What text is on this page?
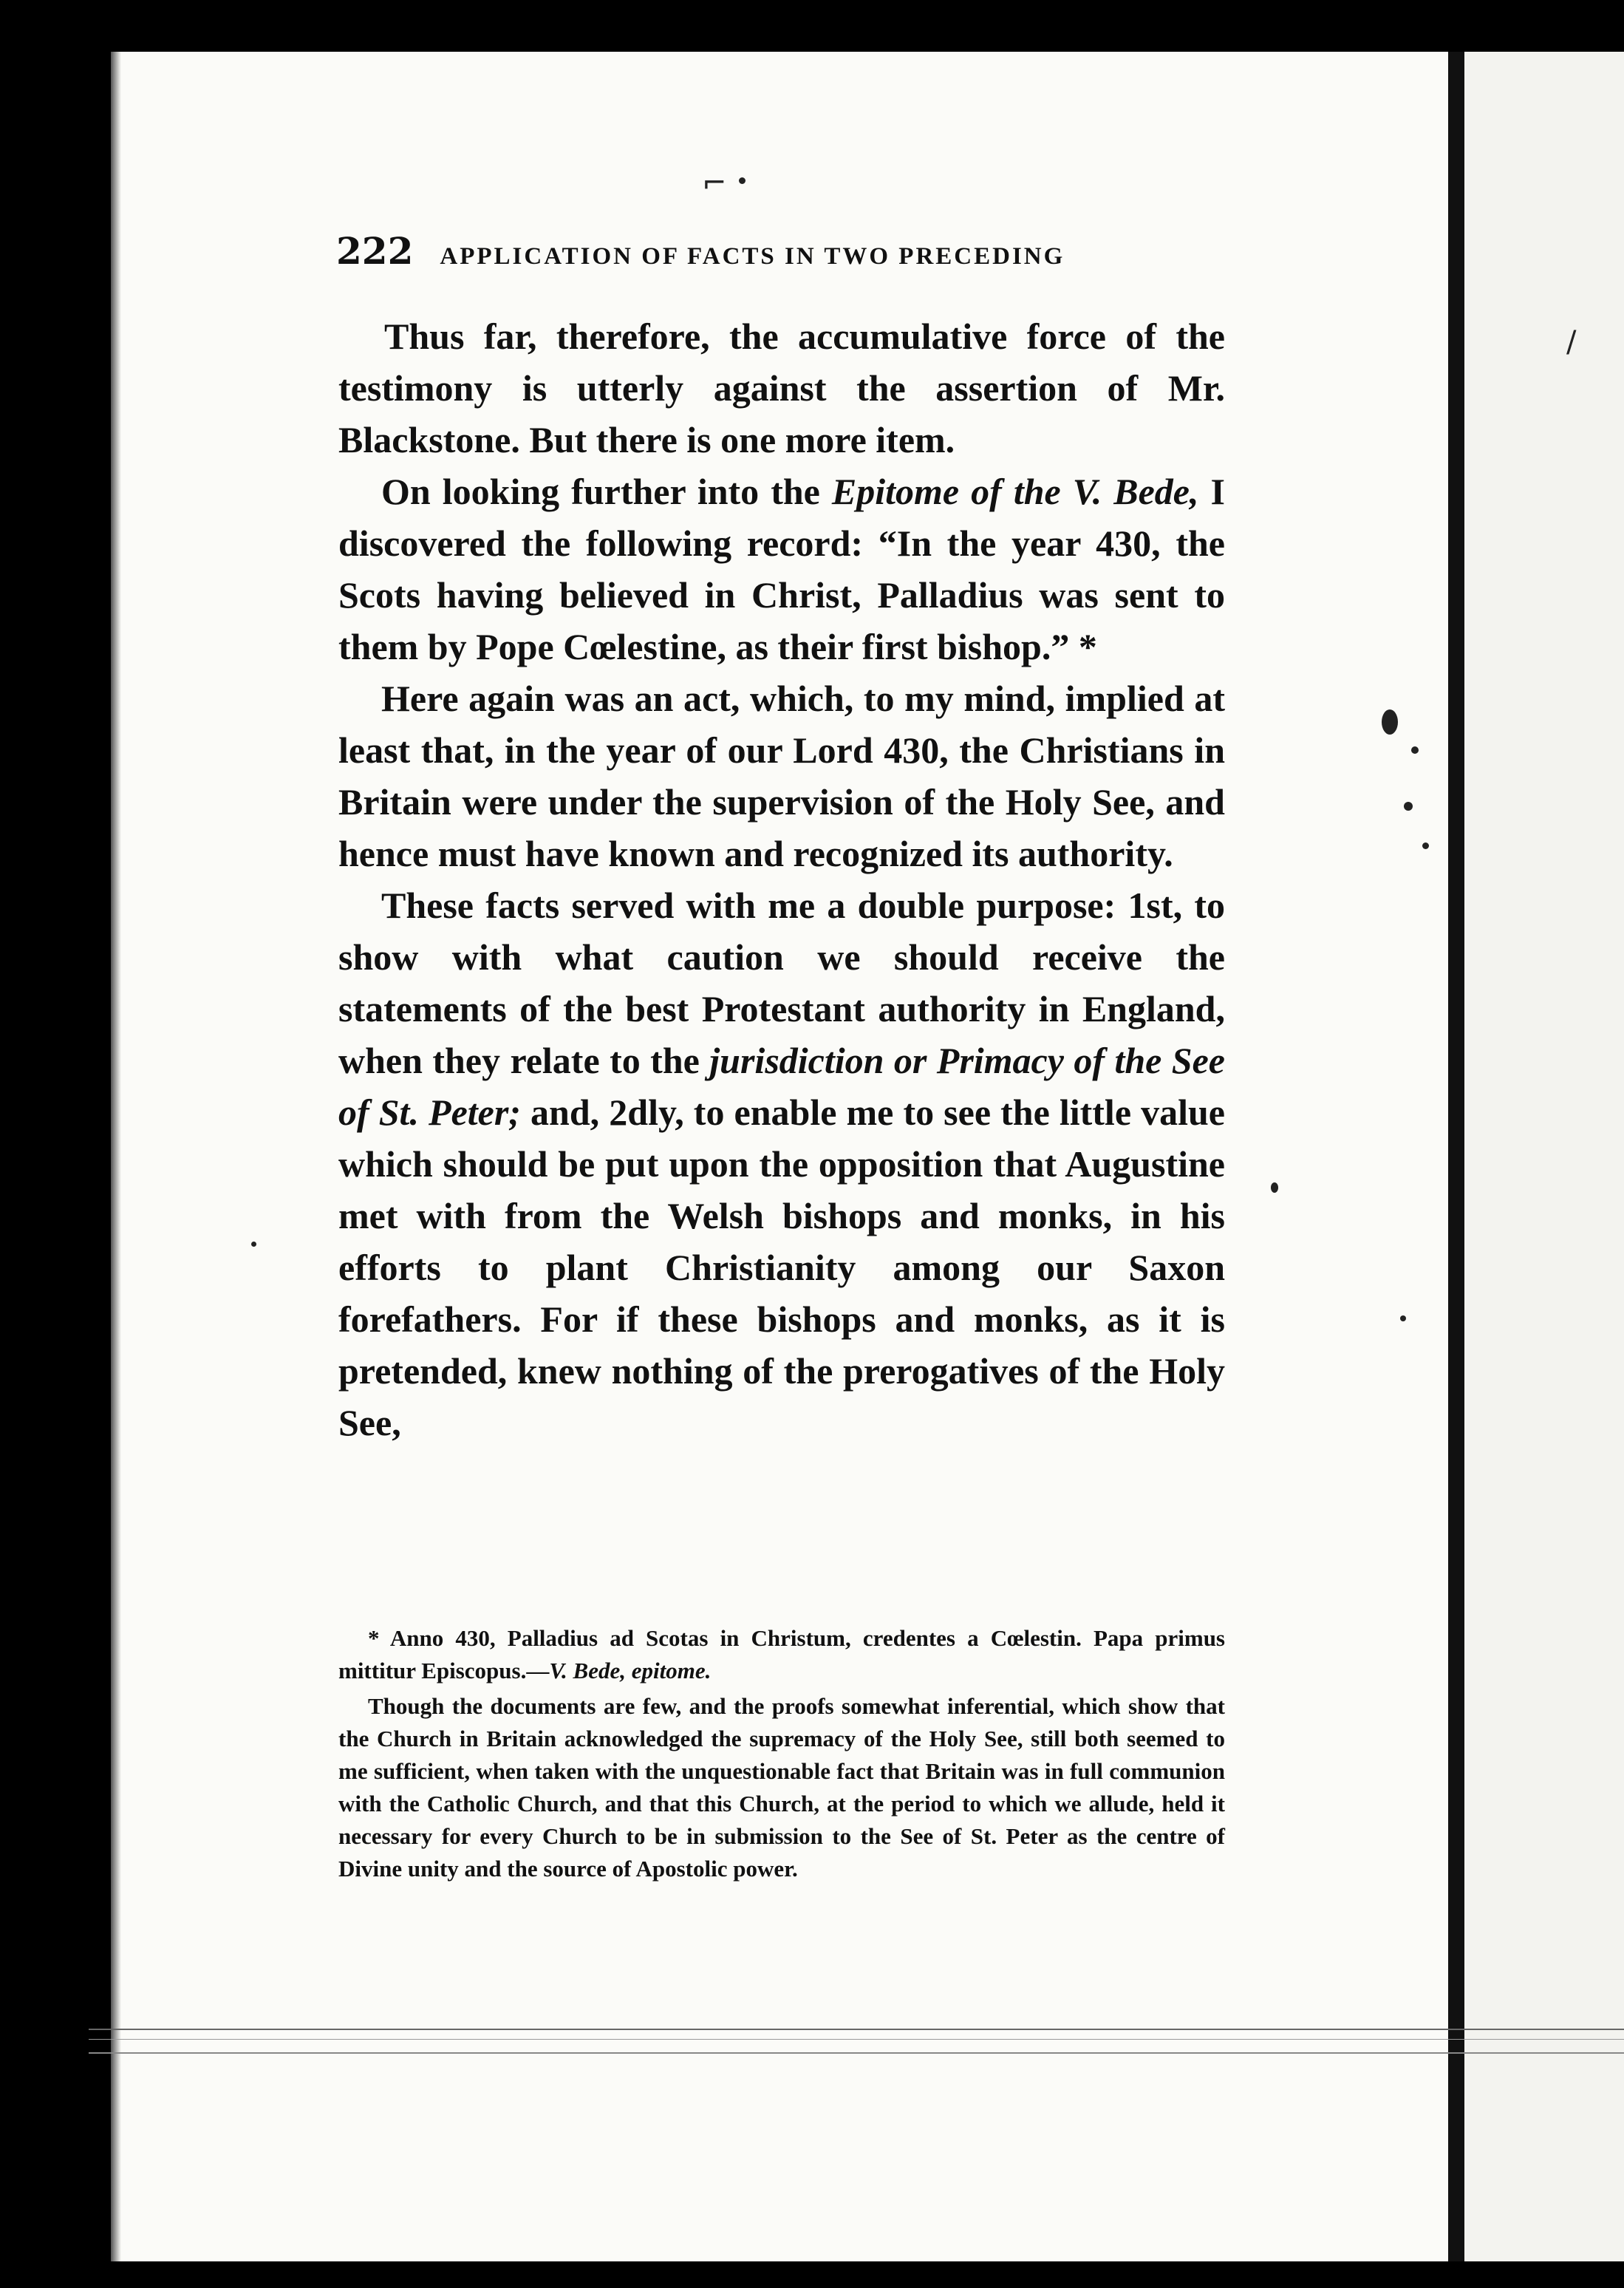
222 APPLICATION OF FACTS IN TWO PRECEDING

Thus far, therefore, the accumulative force of the testimony is utterly against the assertion of Mr. Blackstone. But there is one more item.

On looking further into the Epitome of the V. Bede, I discovered the following record: “In the year 430, the Scots having believed in Christ, Palladius was sent to them by Pope Cœlestine, as their first bishop.” *

Here again was an act, which, to my mind, implied at least that, in the year of our Lord 430, the Christians in Britain were under the supervision of the Holy See, and hence must have known and recognized its authority.

These facts served with me a double purpose: 1st, to show with what caution we should receive the statements of the best Protestant authority in England, when they relate to the jurisdiction or Primacy of the See of St. Peter; and, 2dly, to enable me to see the little value which should be put upon the opposition that Augustine met with from the Welsh bishops and monks, in his efforts to plant Christianity among our Saxon forefathers. For if these bishops and monks, as it is pretended, knew nothing of the prerogatives of the Holy See,

* Anno 430, Palladius ad Scotas in Christum, credentes a Cœlestin. Papa primus mittitur Episcopus.—V. Bede, epitome.

Though the documents are few, and the proofs somewhat inferential, which show that the Church in Britain acknowledged the supremacy of the Holy See, still both seemed to me sufficient, when taken with the unquestionable fact that Britain was in full communion with the Catholic Church, and that this Church, at the period to which we allude, held it necessary for every Church to be in submission to the See of St. Peter as the centre of Divine unity and the source of Apostolic power.

⌐
/
